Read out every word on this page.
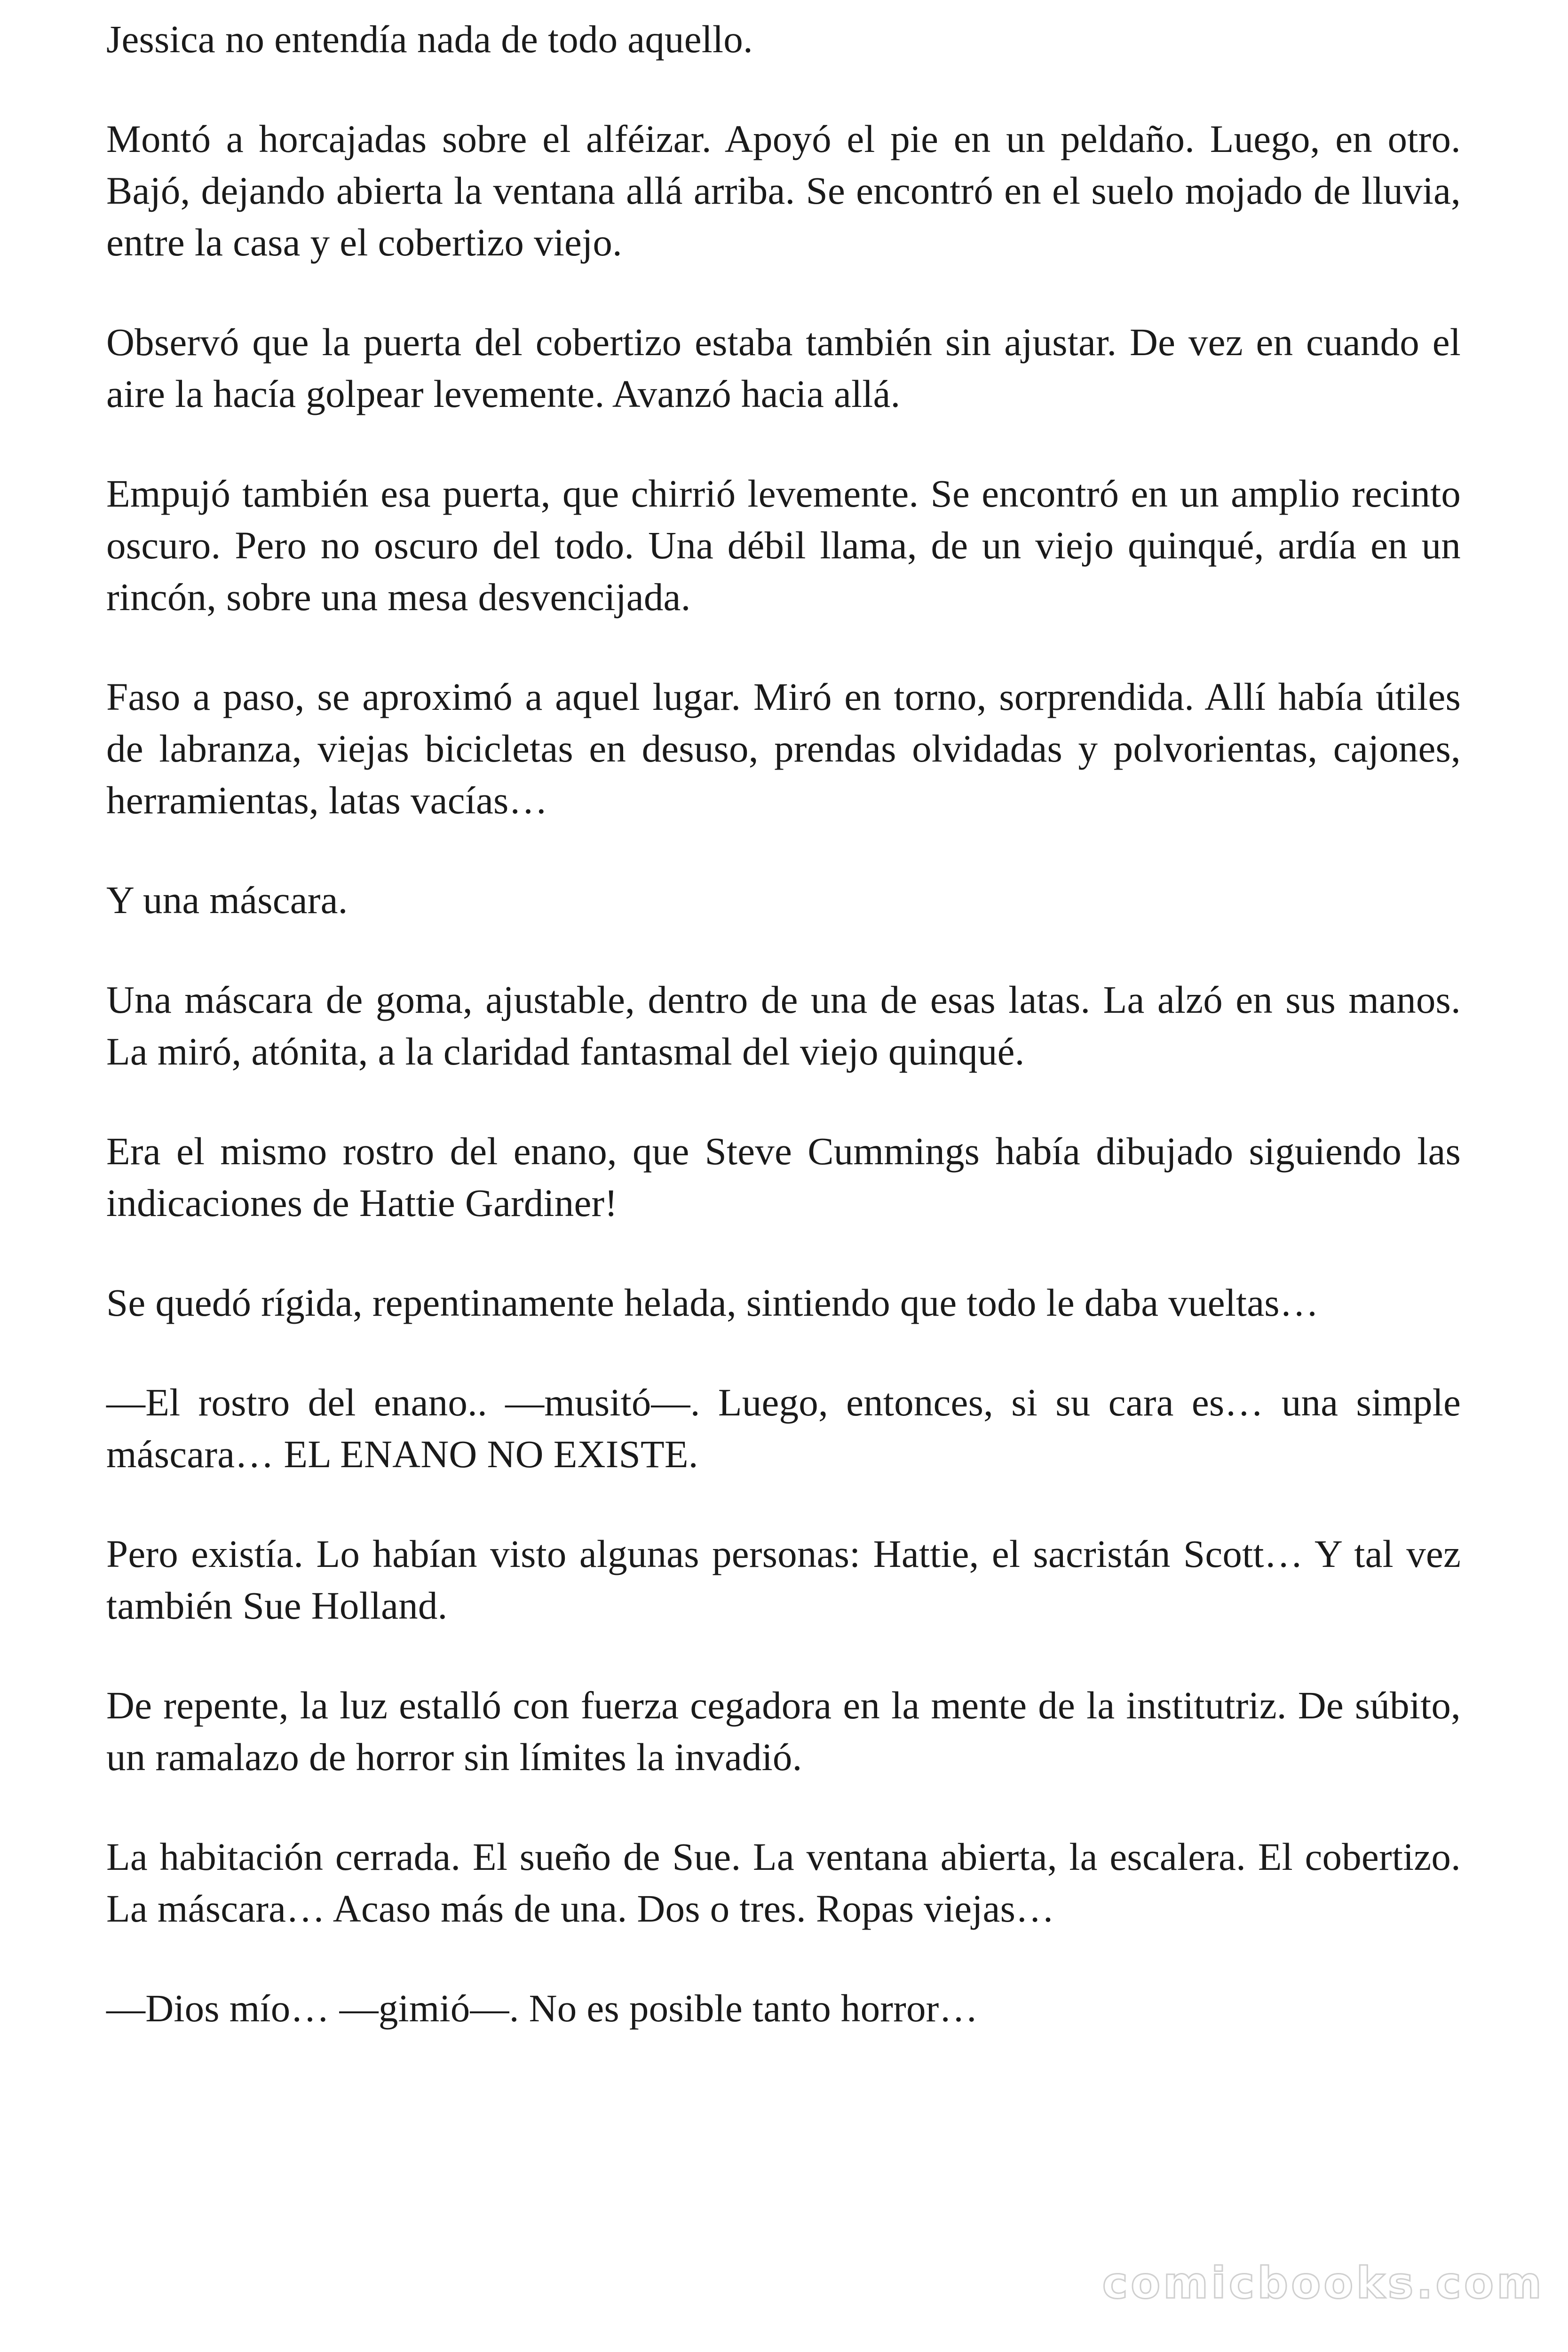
Jessica no entendía nada de todo aquello.

Montó a horcajadas sobre el alféizar. Apoyó el pie en un peldaño. Luego, en otro. Bajó, dejando abierta la ventana allá arriba. Se encontró en el suelo mojado de lluvia, entre la casa y el cobertizo viejo.

Observó que la puerta del cobertizo estaba también sin ajustar. De vez en cuando el aire la hacía golpear levemente. Avanzó hacia allá.

Empujó también esa puerta, que chirrió levemente. Se encontró en un amplio recinto oscuro. Pero no oscuro del todo. Una débil llama, de un viejo quinqué, ardía en un rincón, sobre una mesa desvencijada.

Faso a paso, se aproximó a aquel lugar. Miró en torno, sorprendida. Allí había útiles de labranza, viejas bicicletas en desuso, prendas olvidadas y polvorientas, cajones, herramientas, latas vacías…

Y una máscara.

Una máscara de goma, ajustable, dentro de una de esas latas. La alzó en sus manos. La miró, atónita, a la claridad fantasmal del viejo quinqué.

Era el mismo rostro del enano, que Steve Cummings había dibujado siguiendo las indicaciones de Hattie Gardiner!

Se quedó rígida, repentinamente helada, sintiendo que todo le daba vueltas…

—El rostro del enano.. —musitó—. Luego, entonces, si su cara es… una simple máscara… EL ENANO NO EXISTE.

Pero existía. Lo habían visto algunas personas: Hattie, el sacristán Scott… Y tal vez también Sue Holland.

De repente, la luz estalló con fuerza cegadora en la mente de la institutriz. De súbito, un ramalazo de horror sin límites la invadió.

La habitación cerrada. El sueño de Sue. La ventana abierta, la escalera. El cobertizo. La máscara… Acaso más de una. Dos o tres. Ropas viejas…

—Dios mío… —gimió—. No es posible tanto horror…

comicbooks.com
